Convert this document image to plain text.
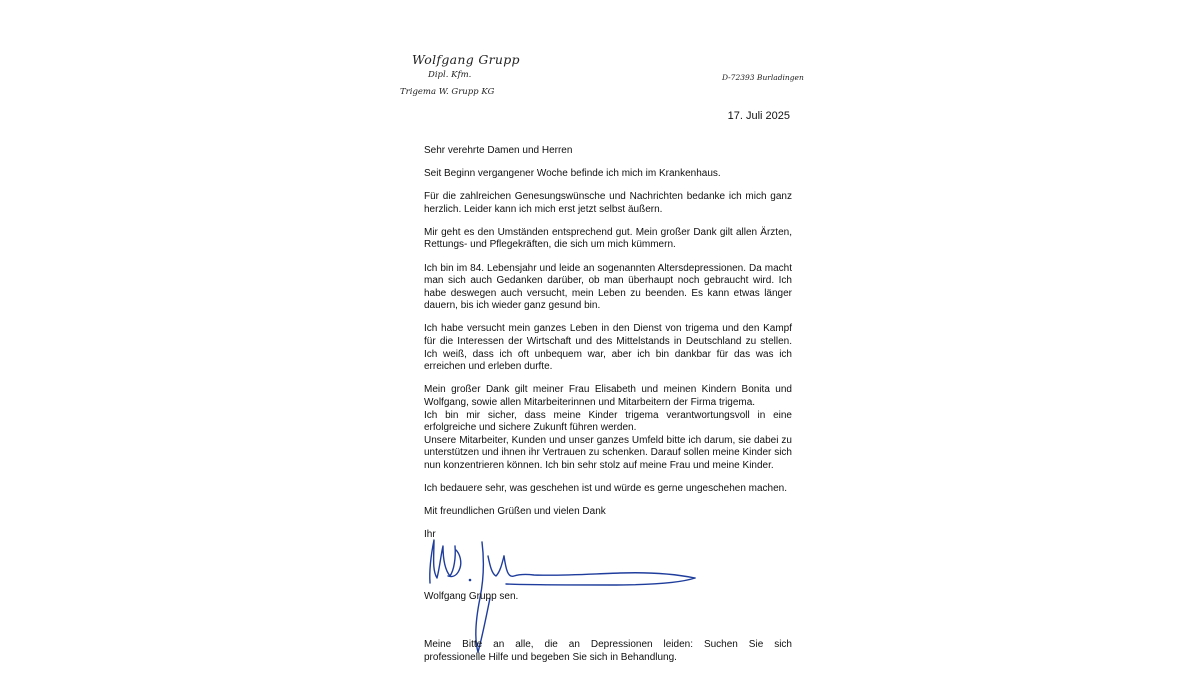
Wolfgang Grupp
Dipl. Kfm.
Trigema W. Grupp KG
D-72393 Burladingen
17. Juli 2025

Sehr verehrte Damen und Herren

Seit Beginn vergangener Woche befinde ich mich im Krankenhaus.

Für die zahlreichen Genesungswünsche und Nachrichten bedanke ich mich ganz herzlich. Leider kann ich mich erst jetzt selbst äußern.

Mir geht es den Umständen entsprechend gut. Mein großer Dank gilt allen Ärzten, Rettungs- und Pflegekräften, die sich um mich kümmern.

Ich bin im 84. Lebensjahr und leide an sogenannten Altersdepressionen. Da macht man sich auch Gedanken darüber, ob man überhaupt noch gebraucht wird. Ich habe deswegen auch versucht, mein Leben zu beenden. Es kann etwas länger dauern, bis ich wieder ganz gesund bin.

Ich habe versucht mein ganzes Leben in den Dienst von trigema und den Kampf für die Interessen der Wirtschaft und des Mittelstands in Deutschland zu stellen. Ich weiß, dass ich oft unbequem war, aber ich bin dankbar für das was ich erreichen und erleben durfte.

Mein großer Dank gilt meiner Frau Elisabeth und meinen Kindern Bonita und Wolfgang, sowie allen Mitarbeiterinnen und Mitarbeitern der Firma trigema.

Ich bin mir sicher, dass meine Kinder trigema verantwortungsvoll in eine erfolgreiche und sichere Zukunft führen werden.

Unsere Mitarbeiter, Kunden und unser ganzes Umfeld bitte ich darum, sie dabei zu unterstützen und ihnen ihr Vertrauen zu schenken. Darauf sollen meine Kinder sich nun konzentrieren können. Ich bin sehr stolz auf meine Frau und meine Kinder.

Ich bedauere sehr, was geschehen ist und würde es gerne ungeschehen machen.

Mit freundlichen Grüßen und vielen Dank

Ihr

Wolfgang Grupp sen.
Meine Bitte an alle, die an Depressionen leiden: Suchen Sie sich
professionelle Hilfe und begeben Sie sich in Behandlung.
